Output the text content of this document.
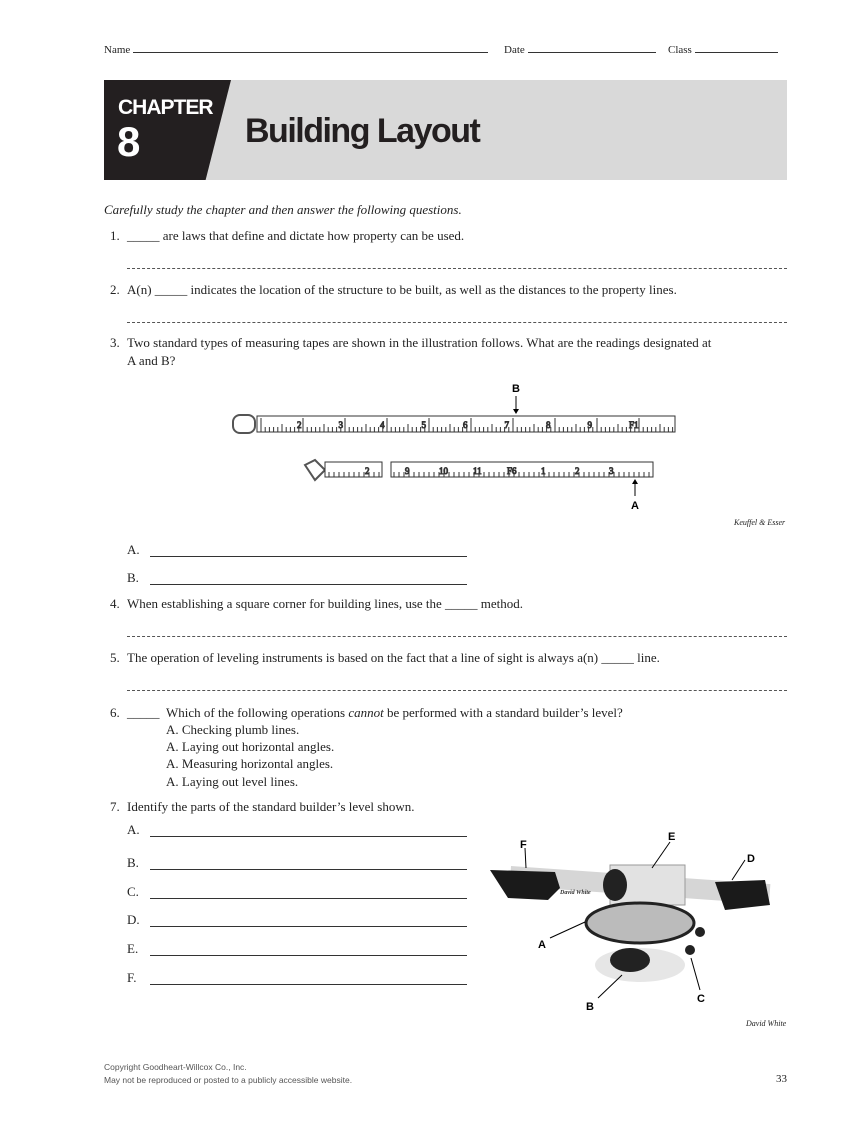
Name	Date	Class
CHAPTER
8	Building Layout
Carefully study the chapter and then answer the following questions.
1. _____ are laws that define and dictate how property can be used.
2. A(n) _____ indicates the location of the structure to be built, as well as the distances to the property lines.
3. Two standard types of measuring tapes are shown in the illustration follows. What are the readings designated at
A and B?
2	3	4	5	6	7	8	9	F1
2	9	10	11	F6	1	2	3
B
A
Keuffel & Esser
A.
B.
4. When establishing a square corner for building lines, use the _____ method.
5. The operation of leveling instruments is based on the fact that a line of sight is always a(n) _____ line.
6. _____ Which of the following operations cannot be performed with a standard builder’s level?
A. Checking plumb lines.
A. Laying out horizontal angles.
A. Measuring horizontal angles.
A. Laying out level lines.
7. Identify the parts of the standard builder’s level shown.
A.
B.
C.
D.
E.
F.
David White
F
E
D
A
B
C
David White
Copyright Goodheart-Willcox Co., Inc.
May not be reproduced or posted to a publicly accessible website.	33
